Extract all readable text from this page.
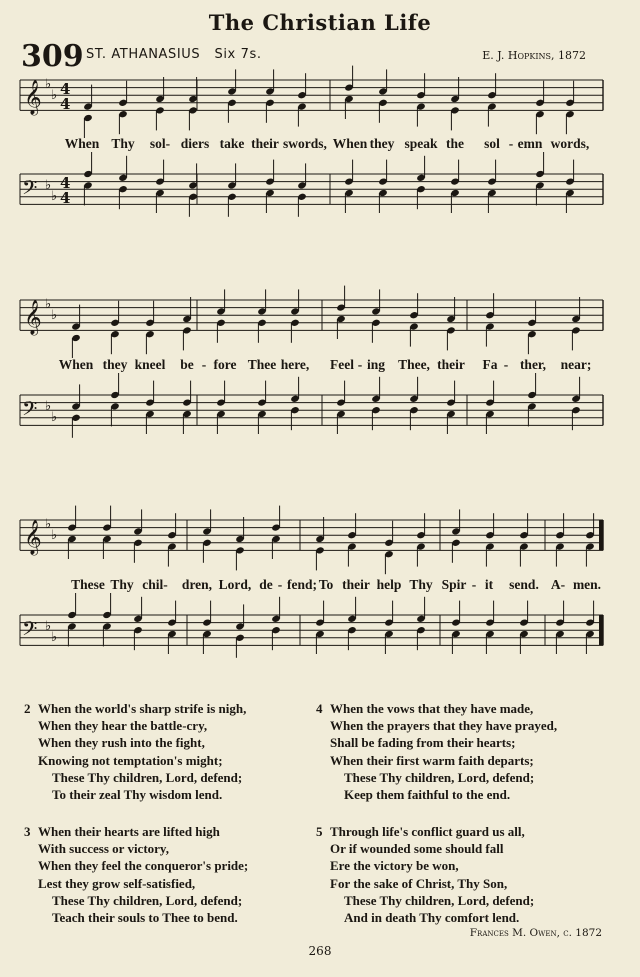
The Christian Life
309 ST. ATHANASIUS Six 7s.	E. J. Hopkins, 1872
𝄞 ♭
♭ 4
4
𝄢 ♭
♭
4
4
𝄞 ♭
♭
𝄢 ♭
♭
𝄞 ♭
♭
𝄢 ♭
♭
When Thy sol- diers take their swords, When they speak the sol - emn words,
When they kneel be - fore Thee here, Feel - ing Thee, their Fa - ther, near;
These Thy chil- dren, Lord, de - fend; To their help Thy Spir - it send. A- men.
2 When the world's sharp strife is nigh,
When they hear the battle-cry,
When they rush into the fight,
Knowing not temptation's might;
These Thy children, Lord, defend;
To their zeal Thy wisdom lend.
4 When the vows that they have made,
When the prayers that they have prayed,
Shall be fading from their hearts;
When their first warm faith departs;
These Thy children, Lord, defend;
Keep them faithful to the end.
3 When their hearts are lifted high
With success or victory,
When they feel the conqueror's pride;
Lest they grow self-satisfied,
These Thy children, Lord, defend;
Teach their souls to Thee to bend.
5 Through life's conflict guard us all,
Or if wounded some should fall
Ere the victory be won,
For the sake of Christ, Thy Son,
These Thy children, Lord, defend;
And in death Thy comfort lend.
Frances M. Owen, c. 1872
268
